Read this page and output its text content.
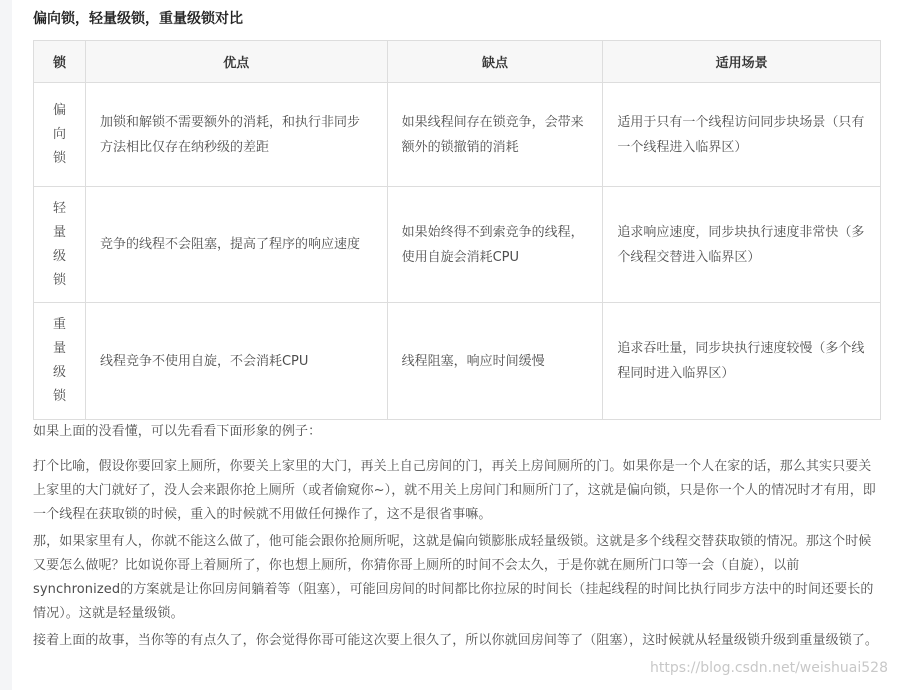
偏向锁，轻量级锁，重量级锁对比
锁	优点	缺点	适用场景
偏向锁	加锁和解锁不需要额外的消耗，和执行非同步方法相比仅存在纳秒级的差距	如果线程间存在锁竞争，会带来额外的锁撤销的消耗	适用于只有一个线程访问同步块场景（只有一个线程进入临界区）
轻量级锁	竞争的线程不会阻塞，提高了程序的响应速度	如果始终得不到索竞争的线程，使用自旋会消耗CPU	追求响应速度，同步块执行速度非常快（多个线程交替进入临界区）
重量级锁	线程竞争不使用自旋，不会消耗CPU	线程阻塞，响应时间缓慢	追求吞吐量，同步块执行速度较慢（多个线程同时进入临界区）

如果上面的没看懂，可以先看看下面形象的例子：

打个比喻，假设你要回家上厕所，你要关上家里的大门，再关上自己房间的门，再关上房间厕所的门。如果你是一个人在家的话，那么其实只要关上家里的大门就好了，没人会来跟你抢上厕所（或者偷窥你~），就不用关上房间门和厕所门了，这就是偏向锁，只是你一个人的情况时才有用，即一个线程在获取锁的时候，重入的时候就不用做任何操作了，这不是很省事嘛。

那，如果家里有人，你就不能这么做了，他可能会跟你抢厕所呢，这就是偏向锁膨胀成轻量级锁。这就是多个线程交替获取锁的情况。那这个时候又要怎么做呢？比如说你哥上着厕所了，你也想上厕所，你猜你哥上厕所的时间不会太久，于是你就在厕所门口等一会（自旋），以前synchronized的方案就是让你回房间躺着等（阻塞），可能回房间的时间都比你拉尿的时间长（挂起线程的时间比执行同步方法中的时间还要长的情况）。这就是轻量级锁。

接着上面的故事，当你等的有点久了，你会觉得你哥可能这次要上很久了，所以你就回房间等了（阻塞），这时候就从轻量级锁升级到重量级锁了。

https://blog.csdn.net/weishuai528
